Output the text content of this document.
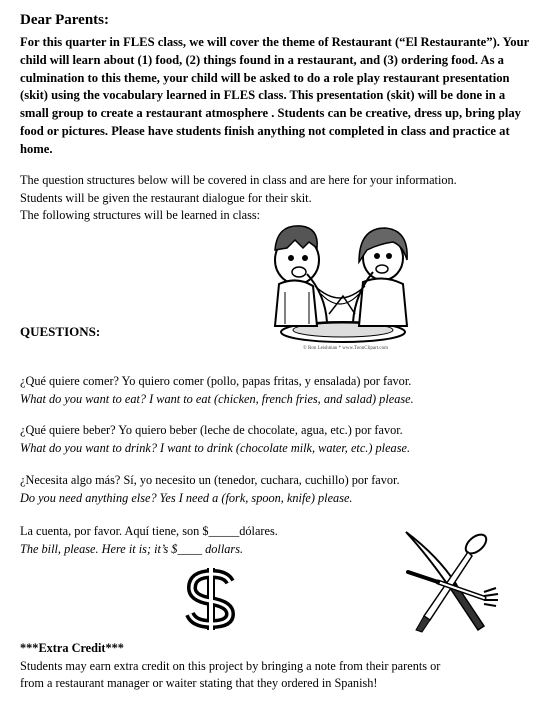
Dear Parents:
For this quarter in FLES class, we will cover the theme of Restaurant (“El Restaurante”). Your child will learn about (1) food, (2) things found in a restaurant, and (3) ordering food. As a culmination to this theme, your child will be asked to do a role play restaurant presentation (skit) using the vocabulary learned in FLES class. This presentation (skit) will be done in a small group to create a restaurant atmosphere . Students can be creative, dress up, bring play food or pictures. Please have students finish anything not completed in class and practice at home.
The question structures below will be covered in class and are here for your information.
Students will be given the restaurant dialogue for their skit.
The following structures will be learned in class:
QUESTIONS:
© Ron Leishman * www.ToonClipart.com
¿Qué quiere comer? Yo quiero comer (pollo, papas fritas, y ensalada) por favor.
What do you want to eat? I want to eat (chicken, french fries, and salad) please.
¿Qué quiere beber? Yo quiero beber (leche de chocolate, agua, etc.) por favor.
What do you want to drink? I want to drink (chocolate milk, water, etc.) please.
¿Necesita algo más? Sí, yo necesito un (tenedor, cuchara, cuchillo) por favor.
Do you need anything else? Yes I need a (fork, spoon, knife) please.
La cuenta, por favor. Aquí tiene, son $_____dólares.
The bill, please. Here it is; it’s $____ dollars.
***Extra Credit***
Students may earn extra credit on this project by bringing a note from their parents or
from a restaurant manager or waiter stating that they ordered in Spanish!
